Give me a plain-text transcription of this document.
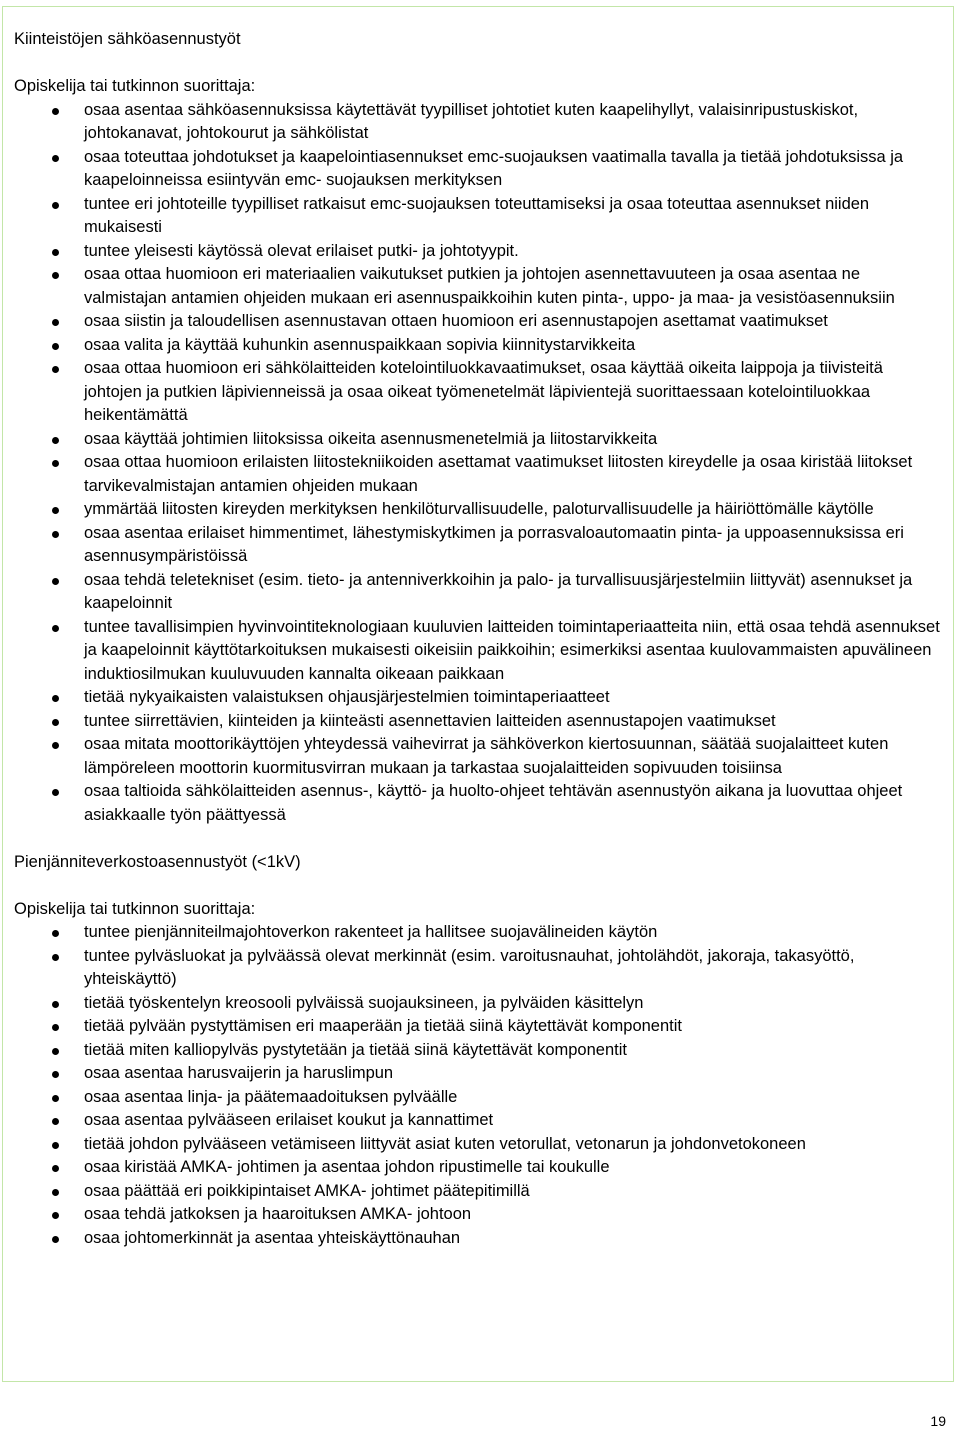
Kiinteistöjen sähköasennustyöt

Opiskelija tai tutkinnon suorittaja:

osaa asentaa sähköasennuksissa käytettävät tyypilliset johtotiet kuten kaapelihyllyt, valaisinripustuskiskot, johtokanavat, johtokourut ja sähkölistat
osaa toteuttaa johdotukset ja kaapelointiasennukset emc-suojauksen vaatimalla tavalla ja tietää johdotuksissa ja kaapeloinneissa esiintyvän emc- suojauksen merkityksen
tuntee eri johtoteille tyypilliset ratkaisut emc-suojauksen toteuttamiseksi ja osaa toteuttaa asennukset niiden mukaisesti
tuntee yleisesti käytössä olevat erilaiset putki- ja johtotyypit.
osaa ottaa huomioon eri materiaalien vaikutukset putkien ja johtojen asennettavuuteen ja osaa asentaa ne valmistajan antamien ohjeiden mukaan eri asennuspaikkoihin kuten pinta-, uppo- ja maa- ja vesistöasennuksiin
osaa siistin ja taloudellisen asennustavan ottaen huomioon eri asennustapojen asettamat vaatimukset
osaa valita ja käyttää kuhunkin asennuspaikkaan sopivia kiinnitystarvikkeita
osaa ottaa huomioon eri sähkölaitteiden kotelointiluokkavaatimukset, osaa käyttää oikeita laippoja ja tiivisteitä johtojen ja putkien läpivienneissä ja osaa oikeat työmenetelmät läpivientejä suorittaessaan kotelointiluokkaa heikentämättä
osaa käyttää johtimien liitoksissa oikeita asennusmenetelmiä ja liitostarvikkeita
osaa ottaa huomioon erilaisten liitostekniikoiden asettamat vaatimukset liitosten kireydelle ja osaa kiristää liitokset tarvikevalmistajan antamien ohjeiden mukaan
ymmärtää liitosten kireyden merkityksen henkilöturvallisuudelle, paloturvallisuudelle ja häiriöttömälle käytölle
osaa asentaa erilaiset himmentimet, lähestymiskytkimen ja porrasvaloautomaatin pinta- ja uppoasennuksissa eri asennusympäristöissä
osaa tehdä teletekniset (esim. tieto- ja antenniverkkoihin ja palo- ja turvallisuusjärjestelmiin liittyvät) asennukset ja kaapeloinnit
tuntee tavallisimpien hyvinvointiteknologiaan kuuluvien laitteiden toimintaperiaatteita niin, että osaa tehdä asennukset ja kaapeloinnit käyttötarkoituksen mukaisesti oikeisiin paikkoihin; esimerkiksi asentaa kuulovammaisten apuvälineen induktiosilmukan kuuluvuuden kannalta oikeaan paikkaan
tietää nykyaikaisten valaistuksen ohjausjärjestelmien toimintaperiaatteet
tuntee siirrettävien, kiinteiden ja kiinteästi asennettavien laitteiden asennustapojen vaatimukset
osaa mitata moottorikäyttöjen yhteydessä vaihevirrat ja sähköverkon kiertosuunnan, säätää suojalaitteet kuten lämpöreleen moottorin kuormitusvirran mukaan ja tarkastaa suojalaitteiden sopivuuden toisiinsa
osaa taltioida sähkölaitteiden asennus-, käyttö- ja huolto-ohjeet tehtävän asennustyön aikana ja luovuttaa ohjeet asiakkaalle työn päättyessä

Pienjänniteverkostoasennustyöt (<1kV)

Opiskelija tai tutkinnon suorittaja:

tuntee pienjänniteilmajohtoverkon rakenteet ja hallitsee suojavälineiden käytön
tuntee pylväsluokat ja pylväässä olevat merkinnät (esim. varoitusnauhat, johtolähdöt, jakoraja, takasyöttö, yhteiskäyttö)
tietää työskentelyn kreosooli pylväissä suojauksineen, ja pylväiden käsittelyn
tietää pylvään pystyttämisen eri maaperään ja tietää siinä käytettävät komponentit
tietää miten kalliopylväs pystytetään ja tietää siinä käytettävät komponentit
osaa asentaa harusvaijerin ja haruslimpun
osaa asentaa linja- ja päätemaadoituksen pylväälle
osaa asentaa pylvääseen erilaiset koukut ja kannattimet
tietää johdon pylvääseen vetämiseen liittyvät asiat kuten vetorullat, vetonarun ja johdonvetokoneen
osaa kiristää AMKA- johtimen ja asentaa johdon ripustimelle tai koukulle
osaa päättää eri poikkipintaiset AMKA- johtimet päätepitimillä
osaa tehdä jatkoksen ja haaroituksen AMKA- johtoon
osaa johtomerkinnät ja asentaa yhteiskäyttönauhan
19
